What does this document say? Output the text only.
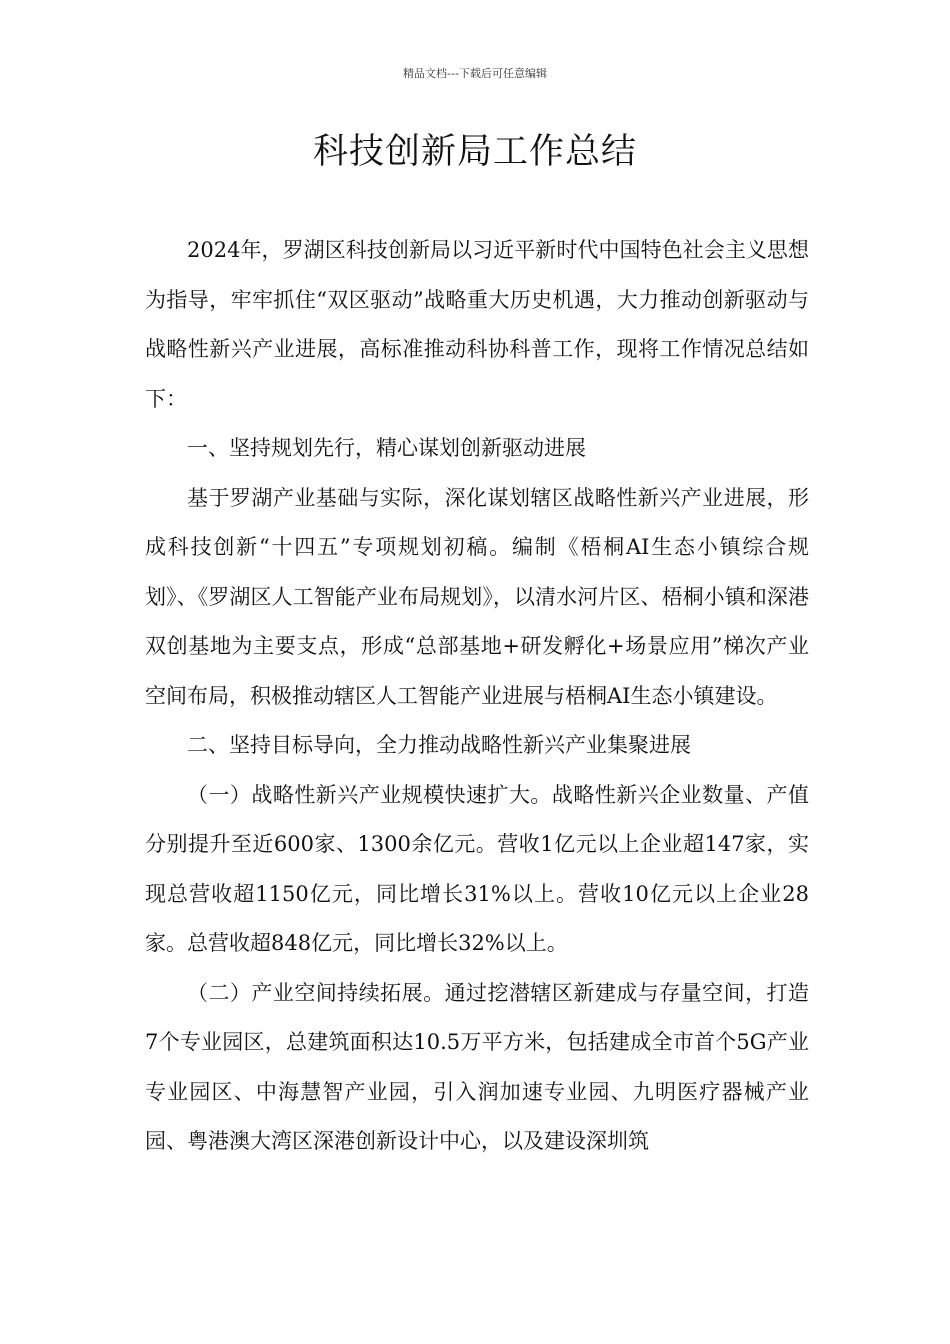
精品文档---下载后可任意编辑
科技创新局工作总结

2024年，罗湖区科技创新局以习近平新时代中国特色社会主义思想为指导，牢牢抓住“双区驱动”战略重大历史机遇，大力推动创新驱动与战略性新兴产业进展，高标准推动科协科普工作，现将工作情况总结如下：

一、坚持规划先行，精心谋划创新驱动进展

基于罗湖产业基础与实际，深化谋划辖区战略性新兴产业进展，形成科技创新“十四五”专项规划初稿。编制《梧桐AI生态小镇综合规划》、《罗湖区人工智能产业布局规划》，以清水河片区、梧桐小镇和深港双创基地为主要支点，形成“总部基地+研发孵化+场景应用”梯次产业空间布局，积极推动辖区人工智能产业进展与梧桐AI生态小镇建设。

二、坚持目标导向，全力推动战略性新兴产业集聚进展

（一）战略性新兴产业规模快速扩大。战略性新兴企业数量、产值分别提升至近600家、1300余亿元。营收1亿元以上企业超147家，实现总营收超1150亿元，同比增长31%以上。营收10亿元以上企业28家。总营收超848亿元，同比增长32%以上。

（二）产业空间持续拓展。通过挖潜辖区新建成与存量空间，打造7个专业园区，总建筑面积达10.5万平方米，包括建成全市首个5G产业专业园区、中海慧智产业园，引入润加速专业园、九明医疗器械产业园、粤港澳大湾区深港创新设计中心，以及建设深圳筑
